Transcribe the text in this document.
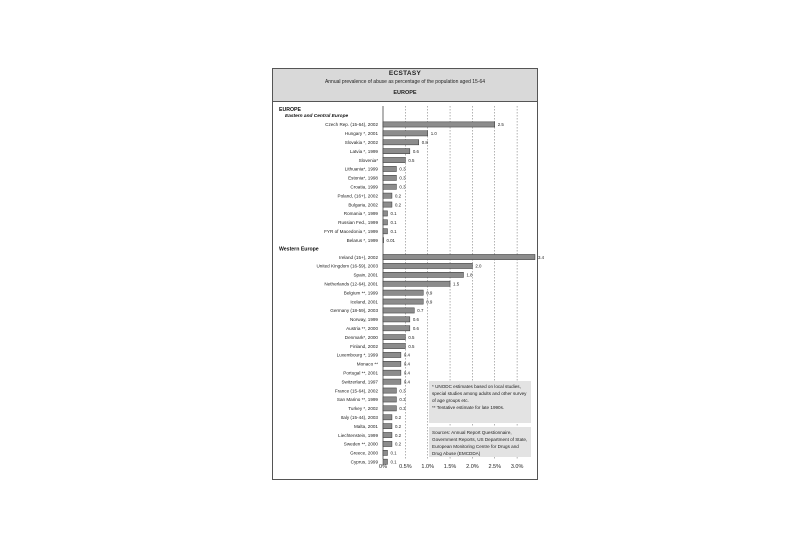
ECSTASY
Annual prevalence of abuse as percentage of the population aged 15-64
EUROPE
0% 0.5% 1.0% 1.5% 2.0% 2.5% 3.0%
EUROPE
Eastern and Central Europe
Czech Rep. (15-64), 2002	2.5
Hungary *, 2001	1.0
Slovakia *, 2002	0.8
Latvia *, 1999	0.6
Slovenia*	0.5
Lithuania*, 1999	0.3
Estonia*, 1998	0.3
Croatia, 1999	0.3
Poland, (16+), 2002	0.2
Bulgaria, 2002	0.2
Romania *, 1999	0.1
Russian Fed., 1999	0.1
FYR of Macedonia *, 1999	0.1
Belarus *, 1999 0.01
Western Europe
Ireland (15+), 2002	3.4
United Kingdom (16-59), 2003	2.0
Spain, 2001	1.8
Netherlands (12-64), 2001	1.5
Belgium **, 1999	0.9
Iceland, 2001	0.9
Germany (18-59), 2003	0.7
Norway, 1999	0.6
Austria **, 2000	0.6
Denmark*, 2000	0.5
Finland, 2002	0.5
Luxembourg *, 1999	0.4
Monaco **	0.4
Portugal **, 2001	0.4
Switzerland, 1997	0.4
France (15-64), 2002	0.3
San Marino **, 1999	0.3
Turkey *, 2002	0.3
Italy (15-44), 2003	0.2
Malta, 2001	0.2
Liechtenstein, 1999	0.2
Sweden **, 2000	0.2
Greece, 2000	0.1
Cyprus, 1999	0.1
* UNODC estimates based on local studies, special studies among adults and other survey of age groups etc.
** Tentative estimate for late 1990s.
Sources: Annual Report Questionnaire, Government Reports, US Department of State, European Monitoring Centre for Drugs and Drug Abuse (EMCDDA)
